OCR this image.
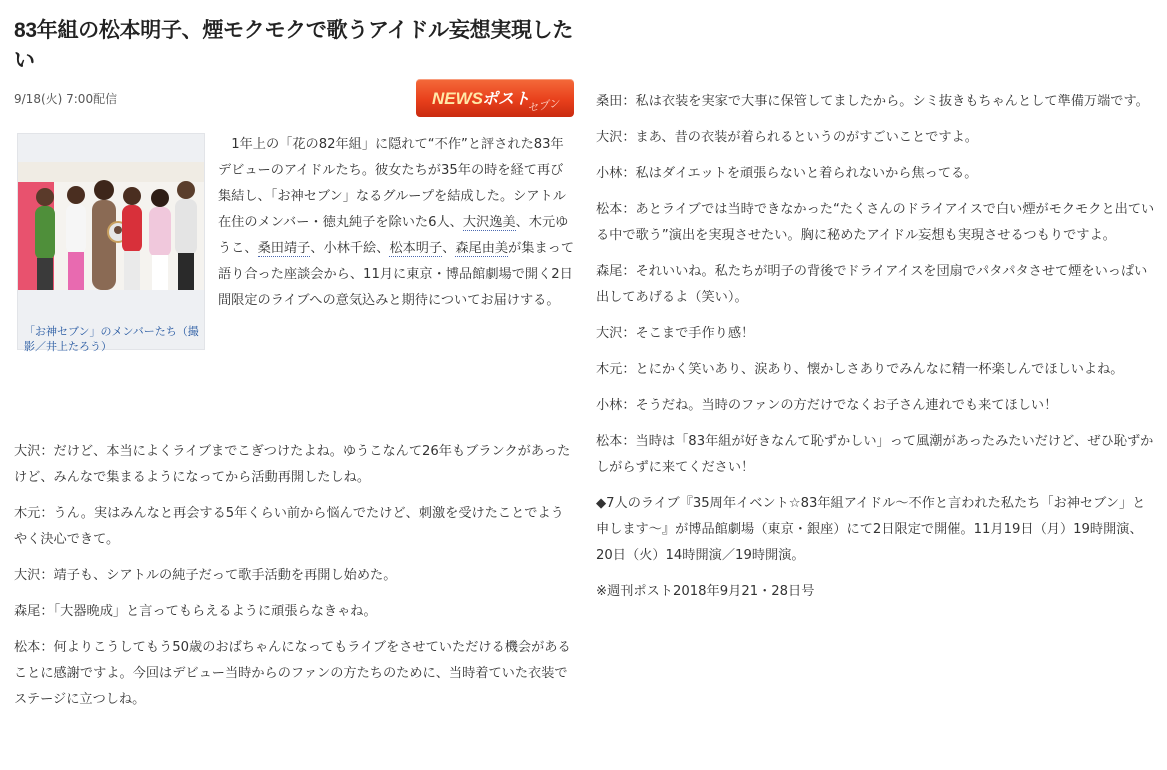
83年組の松本明子、煙モクモクで歌うアイドル妄想実現したい
9/18(火) 7:00配信	NEWS ポスト
セブン
「お神セブン」のメンバーたち（撮影／井上たろう）

1年上の「花の82年組」に隠れて“不作”と評された83年デビューのアイドルたち。彼女たちが35年の時を経て再び集結し、「お神セブン」なるグループを結成した。シアトル在住のメンバー・徳丸純子を除いた6人、大沢逸美、木元ゆうこ、桑田靖子、小林千絵、松本明子、森尾由美が集まって語り合った座談会から、11月に東京・博品館劇場で開く2日間限定のライブへの意気込みと期待についてお届けする。

大沢：だけど、本当によくライブまでこぎつけたよね。ゆうこなんて26年もブランクがあったけど、みんなで集まるようになってから活動再開したしね。

木元：うん。実はみんなと再会する5年くらい前から悩んでたけど、刺激を受けたことでようやく決心できて。

大沢：靖子も、シアトルの純子だって歌手活動を再開し始めた。

森尾：「大器晩成」と言ってもらえるように頑張らなきゃね。

松本：何よりこうしてもう50歳のおばちゃんになってもライブをさせていただける機会があることに感謝ですよ。今回はデビュー当時からのファンの方たちのために、当時着ていた衣装でステージに立つしね。

桑田：私は衣装を実家で大事に保管してましたから。シミ抜きもちゃんとして準備万端です。

大沢：まあ、昔の衣装が着られるというのがすごいことですよ。

小林：私はダイエットを頑張らないと着られないから焦ってる。

松本：あとライブでは当時できなかった“たくさんのドライアイスで白い煙がモクモクと出ている中で歌う”演出を実現させたい。胸に秘めたアイドル妄想も実現させるつもりですよ。

森尾：それいいね。私たちが明子の背後でドライアイスを団扇でパタパタさせて煙をいっぱい出してあげるよ（笑い）。

大沢：そこまで手作り感！

木元：とにかく笑いあり、涙あり、懐かしさありでみんなに精一杯楽しんでほしいよね。

小林：そうだね。当時のファンの方だけでなくお子さん連れでも来てほしい！

松本：当時は「83年組が好きなんて恥ずかしい」って風潮があったみたいだけど、ぜひ恥ずかしがらずに来てください！

◆7人のライブ『35周年イベント☆83年組アイドル〜不作と言われた私たち「お神セブン」と申します〜』が博品館劇場（東京・銀座）にて2日限定で開催。11月19日（月）19時開演、20日（火）14時開演／19時開演。

※週刊ポスト2018年9月21・28日号
